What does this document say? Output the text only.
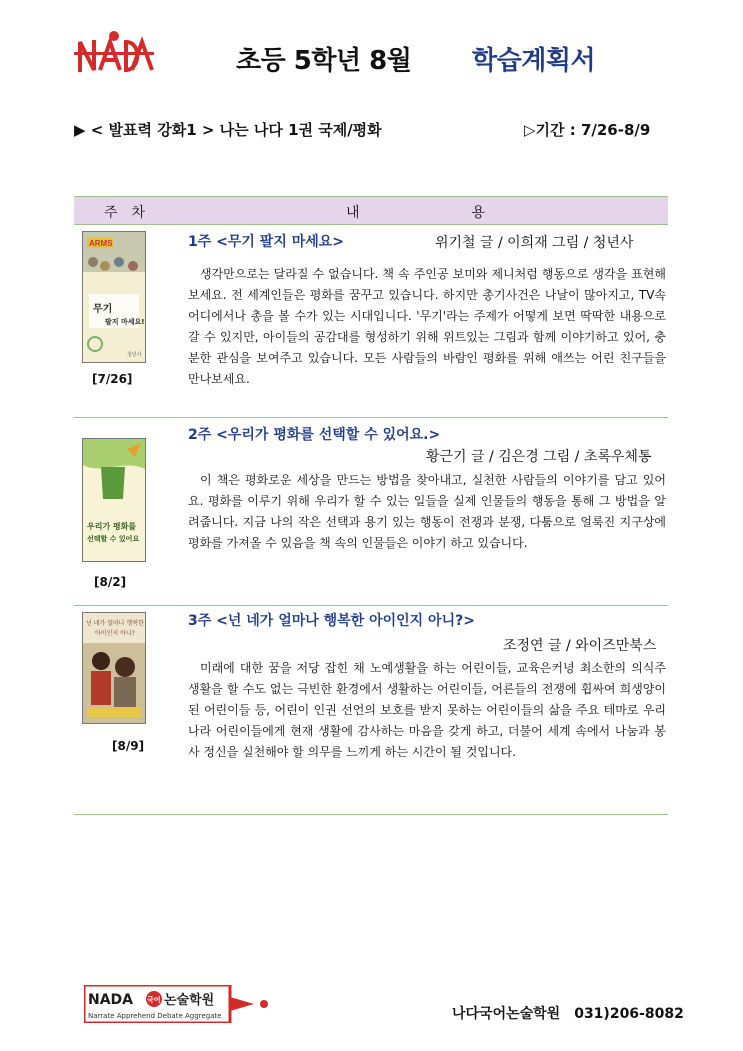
초등 5학년 8월 학습계획서
▶ < 발표력 강화1 > 나는 나다 1권 국제/평화	▷기간 : 7/26-8/9
주차	내용
ARMS
무기
팔지 마세요!
청년사
[7/26]
1주 <무기 팔지 마세요>	위기철 글 / 이희재 그림 / 청년사
생각만으로는 달라질 수 없습니다. 책 속 주인공 보미와 제니처럼 행동으로 생각을 표현해 보세요. 전 세계인들은 평화를 꿈꾸고 있습니다. 하지만 총기사건은 나날이 많아지고, TV속 어디에서나 총을 볼 수가 있는 시대입니다. '무기'라는 주제가 어떻게 보면 딱딱한 내용으로 갈 수 있지만, 아이들의 공감대를 형성하기 위해 위트있는 그림과 함께 이야기하고 있어, 충분한 관심을 보여주고 있습니다. 모든 사람들의 바람인 평화를 위해 애쓰는 어린 친구들을 만나보세요.
우리가 평화를
선택할 수 있어요
[8/2]
2주 <우리가 평화를 선택할 수 있어요.>
황근기 글 / 김은경 그림 / 초록우체통
이 책은 평화로운 세상을 만드는 방법을 찾아내고, 실천한 사람들의 이야기를 담고 있어요. 평화를 이루기 위해 우리가 할 수 있는 일들을 실제 인물들의 행동을 통해 그 방법을 알려줍니다. 지금 나의 작은 선택과 용기 있는 행동이 전쟁과 분쟁, 다툼으로 얼룩진 지구상에 평화를 가져올 수 있음을 책 속의 인물들은 이야기 하고 있습니다.
넌 네가 얼마나 행복한
아이인지 아니?
[8/9]
3주 <넌 네가 얼마나 행복한 아이인지 아니?>
조정연 글 / 와이즈만북스
미래에 대한 꿈을 저당 잡힌 채 노예생활을 하는 어린이들, 교육은커녕 최소한의 의식주 생활을 할 수도 없는 극빈한 환경에서 생활하는 어린이들, 어른들의 전쟁에 휩싸여 희생양이 된 어린이들 등, 어린이 인권 선언의 보호를 받지 못하는 어린이들의 삶을 주요 테마로 우리나라 어린이들에게 현재 생활에 감사하는 마음을 갖게 하고, 더불어 세계 속에서 나눔과 봉사 정신을 실천해야 할 의무를 느끼게 하는 시간이 될 것입니다.
NADA 국어 논술학원
Narrate Apprehend Debate Aggregate	나다국어논술학원 031)206-8082
